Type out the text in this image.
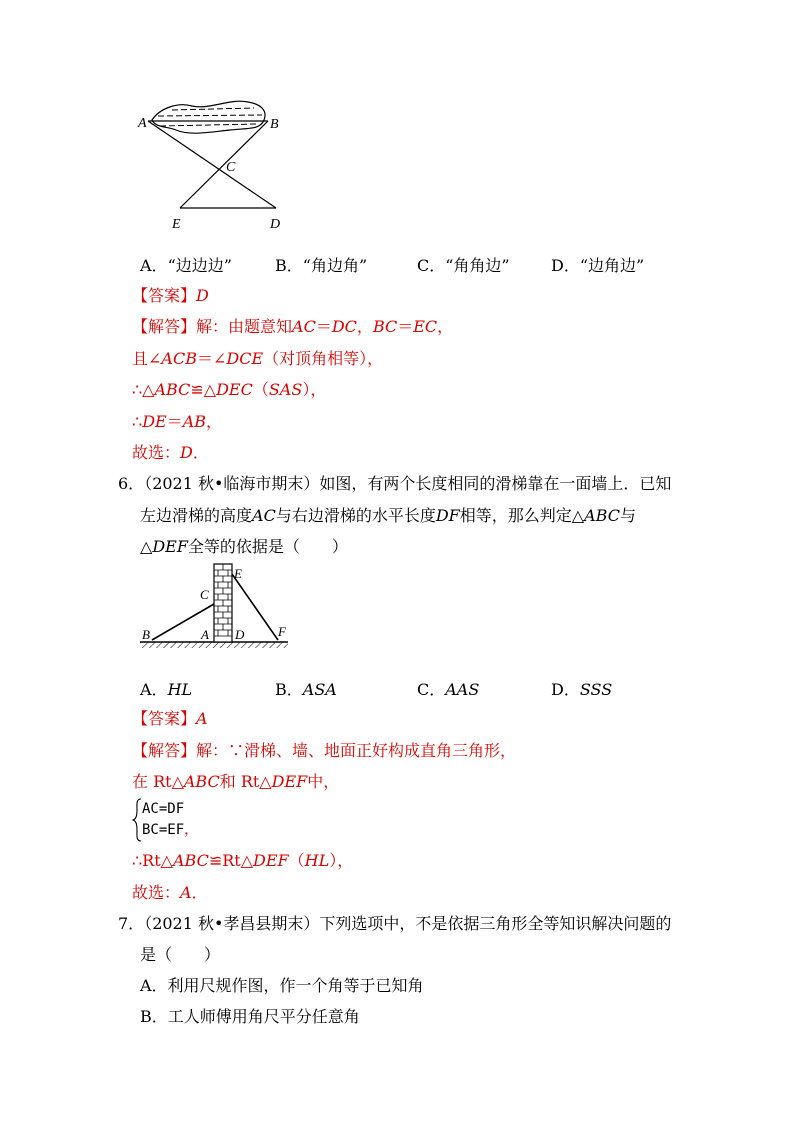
A	B
C
E	D
A．“边边边”	B．“角边角”	C．“角角边”	D．“边角边”
【答案】D
【解答】解：由题意知AC＝DC，BC＝EC，
且∠ACB＝∠DCE（对顶角相等），
∴△ABC≌△DEC（SAS），
∴DE＝AB，
故选：D．
6．（2021 秋•临海市期末）如图，有两个长度相同的滑梯靠在一面墙上．已知
左边滑梯的高度AC与右边滑梯的水平长度DF相等，那么判定△ABC与
△DEF全等的依据是（　　）
B	A
C
E
D	F
A．HL	B．ASA	C．AAS	D．SSS
【答案】A
【解答】解：∵滑梯、墙、地面正好构成直角三角形，
在 Rt△ABC和 Rt△DEF中，
AC=DF
BC=EF，
∴Rt△ABC≌Rt△DEF（HL），
故选：A．
7．（2021 秋•孝昌县期末）下列选项中，不是依据三角形全等知识解决问题的
是（　　）
A．利用尺规作图，作一个角等于已知角
B．工人师傅用角尺平分任意角
